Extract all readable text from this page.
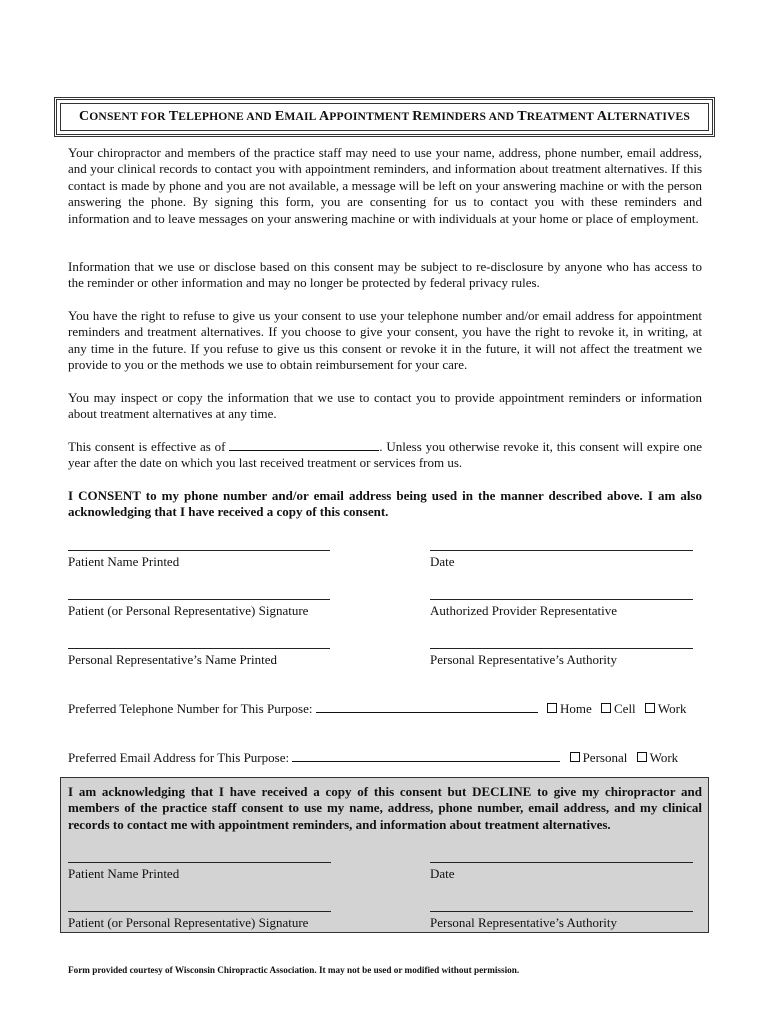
CONSENT FOR TELEPHONE AND EMAIL APPOINTMENT REMINDERS AND TREATMENT ALTERNATIVES

Your chiropractor and members of the practice staff may need to use your name, address, phone number, email address, and your clinical records to contact you with appointment reminders, and information about treatment alternatives. If this contact is made by phone and you are not available, a message will be left on your answering machine or with the person answering the phone. By signing this form, you are consenting for us to contact you with these reminders and information and to leave messages on your answering machine or with individuals at your home or place of employment.

Information that we use or disclose based on this consent may be subject to re-disclosure by anyone who has access to the reminder or other information and may no longer be protected by federal privacy rules.

You have the right to refuse to give us your consent to use your telephone number and/or email address for appointment reminders and treatment alternatives. If you choose to give your consent, you have the right to revoke it, in writing, at any time in the future. If you refuse to give us this consent or revoke it in the future, it will not affect the treatment we provide to you or the methods we use to obtain reimbursement for your care.

You may inspect or copy the information that we use to contact you to provide appointment reminders or information about treatment alternatives at any time.

This consent is effective as of	. Unless you otherwise revoke it, this consent will expire one year after the date on which you last received treatment or services from us.

I CONSENT to my phone number and/or email address being used in the manner described above. I am also acknowledging that I have received a copy of this consent.

Patient Name Printed	Date
Patient (or Personal Representative) Signature	Authorized Provider Representative
Personal Representative’s Name Printed	Personal Representative’s Authority
Preferred Telephone Number for This Purpose:	Home Cell Work
Preferred Email Address for This Purpose:	Personal Work
I am acknowledging that I have received a copy of this consent but DECLINE to give my chiropractor and members of the practice staff consent to use my name, address, phone number, email address, and my clinical records to contact me with appointment reminders, and information about treatment alternatives.
Patient Name Printed	Date
Patient (or Personal Representative) Signature	Personal Representative’s Authority
Form provided courtesy of Wisconsin Chiropractic Association. It may not be used or modified without permission.
